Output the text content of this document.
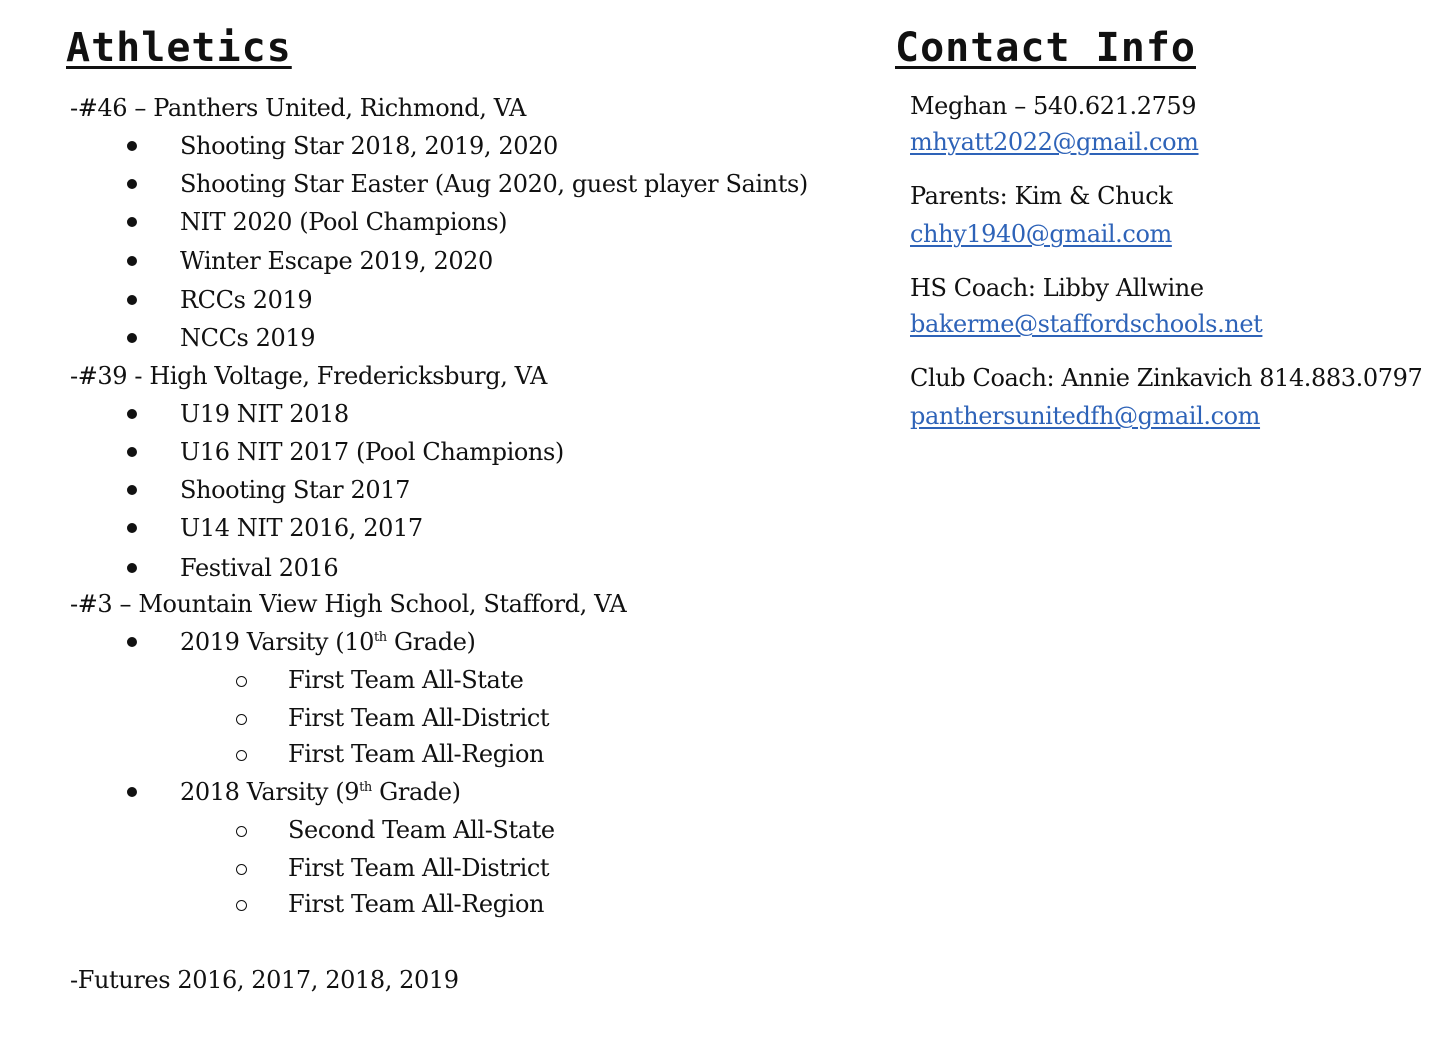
Athletics
-#46 – Panthers United, Richmond, VA
Shooting Star 2018, 2019, 2020
Shooting Star Easter (Aug 2020, guest player Saints)
NIT 2020 (Pool Champions)
Winter Escape 2019, 2020
RCCs 2019
NCCs 2019
-#39 - High Voltage, Fredericksburg, VA
U19 NIT 2018
U16 NIT 2017 (Pool Champions)
Shooting Star 2017
U14 NIT 2016, 2017
Festival 2016
-#3 – Mountain View High School, Stafford, VA
2019 Varsity (10th Grade)
First Team All-State
First Team All-District
First Team All-Region
2018 Varsity (9th Grade)
Second Team All-State
First Team All-District
First Team All-Region
-Futures 2016, 2017, 2018, 2019
Contact Info
Meghan – 540.621.2759
mhyatt2022@gmail.com
Parents: Kim & Chuck
chhy1940@gmail.com
HS Coach: Libby Allwine
bakerme@staffordschools.net
Club Coach: Annie Zinkavich 814.883.0797
panthersunitedfh@gmail.com
